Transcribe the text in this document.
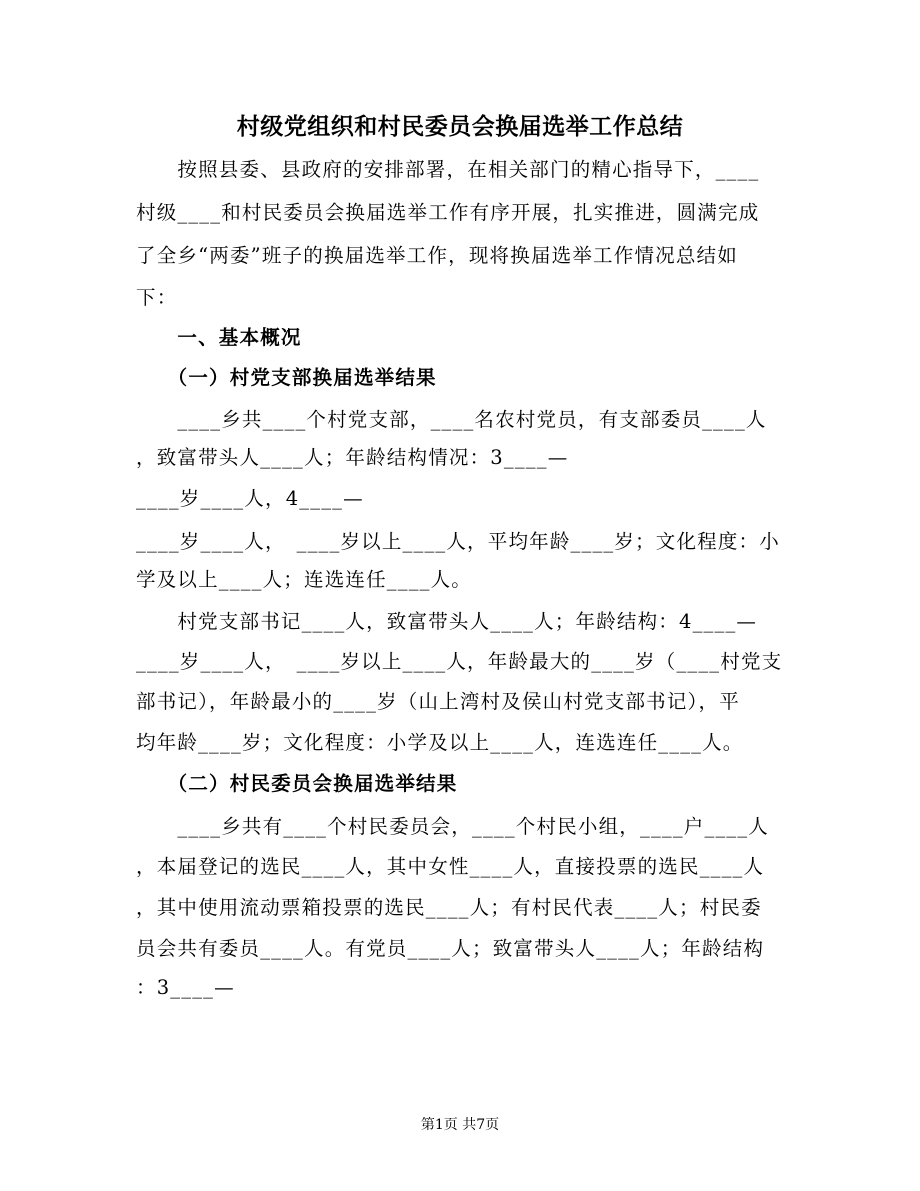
村级党组织和村民委员会换届选举工作总结
　　按照县委、县政府的安排部署，在相关部门的精心指导下，____
村级____和村民委员会换届选举工作有序开展，扎实推进，圆满完成
了全乡“两委”班子的换届选举工作，现将换届选举工作情况总结如
下：
　　一、基本概况
　　（一）村党支部换届选举结果
　　____乡共____个村党支部，____名农村党员，有支部委员____人
，致富带头人____人；年龄结构情况：3____—
____岁____人，4____—
____岁____人，　____岁以上____人，平均年龄____岁；文化程度：小
学及以上____人；连选连任____人。
　　村党支部书记____人，致富带头人____人；年龄结构：4____—
____岁____人，　____岁以上____人，年龄最大的____岁（____村党支
部书记），年龄最小的____岁（山上湾村及侯山村党支部书记），平
均年龄____岁；文化程度：小学及以上____人，连选连任____人。
　　（二）村民委员会换届选举结果
　　____乡共有____个村民委员会，____个村民小组，____户____人
，本届登记的选民____人，其中女性____人，直接投票的选民____人
，其中使用流动票箱投票的选民____人；有村民代表____人；村民委
员会共有委员____人。有党员____人；致富带头人____人；年龄结构
：3____—
第1页 共7页
